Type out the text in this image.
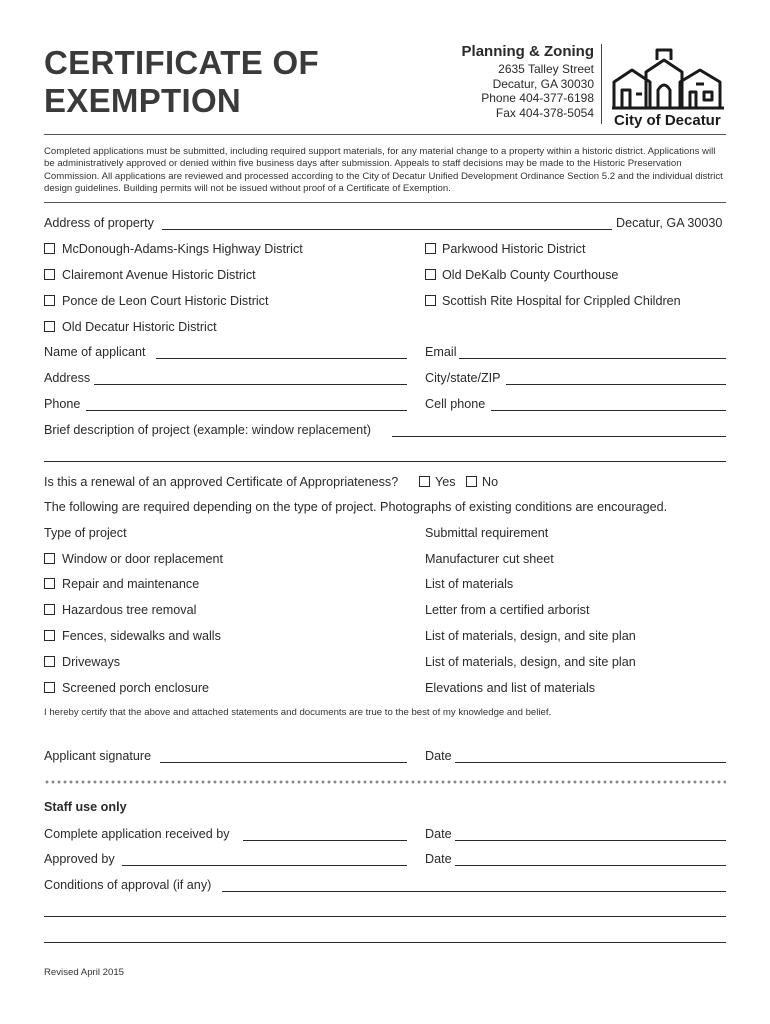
CERTIFICATE OF
EXEMPTION
Planning & Zoning
2635 Talley Street
Decatur, GA 30030
Phone 404-377-6198
Fax 404-378-5054 City of Decatur
Completed applications must be submitted, including required support materials, for any material change to a property within a historic district. Applications will be administratively approved or denied within five business days after submission. Appeals to staff decisions may be made to the Historic Preservation Commission. All applications are reviewed and processed according to the City of Decatur Unified Development Ordinance Section 5.2 and the individual district design guidelines. Building permits will not be issued without proof of a Certificate of Exemption.
Address of property	Decatur, GA 30030
McDonough-Adams-Kings Highway District	Parkwood Historic District
Clairemont Avenue Historic District	Old DeKalb County Courthouse
Ponce de Leon Court Historic District	Scottish Rite Hospital for Crippled Children
Old Decatur Historic District
Name of applicant	Email
Address	City/state/ZIP
Phone	Cell phone
Brief description of project (example: window replacement)
Is this a renewal of an approved Certificate of Appropriateness?	Yes No
The following are required depending on the type of project. Photographs of existing conditions are encouraged.
Type of project	Submittal requirement
Window or door replacement	Manufacturer cut sheet
Repair and maintenance	List of materials
Hazardous tree removal	Letter from a certified arborist
Fences, sidewalks and walls	List of materials, design, and site plan
Driveways	List of materials, design, and site plan
Screened porch enclosure	Elevations and list of materials
I hereby certify that the above and attached statements and documents are true to the best of my knowledge and belief.
Applicant signature	Date
Staff use only
Complete application received by	Date
Approved by	Date
Conditions of approval (if any)
Revised April 2015
